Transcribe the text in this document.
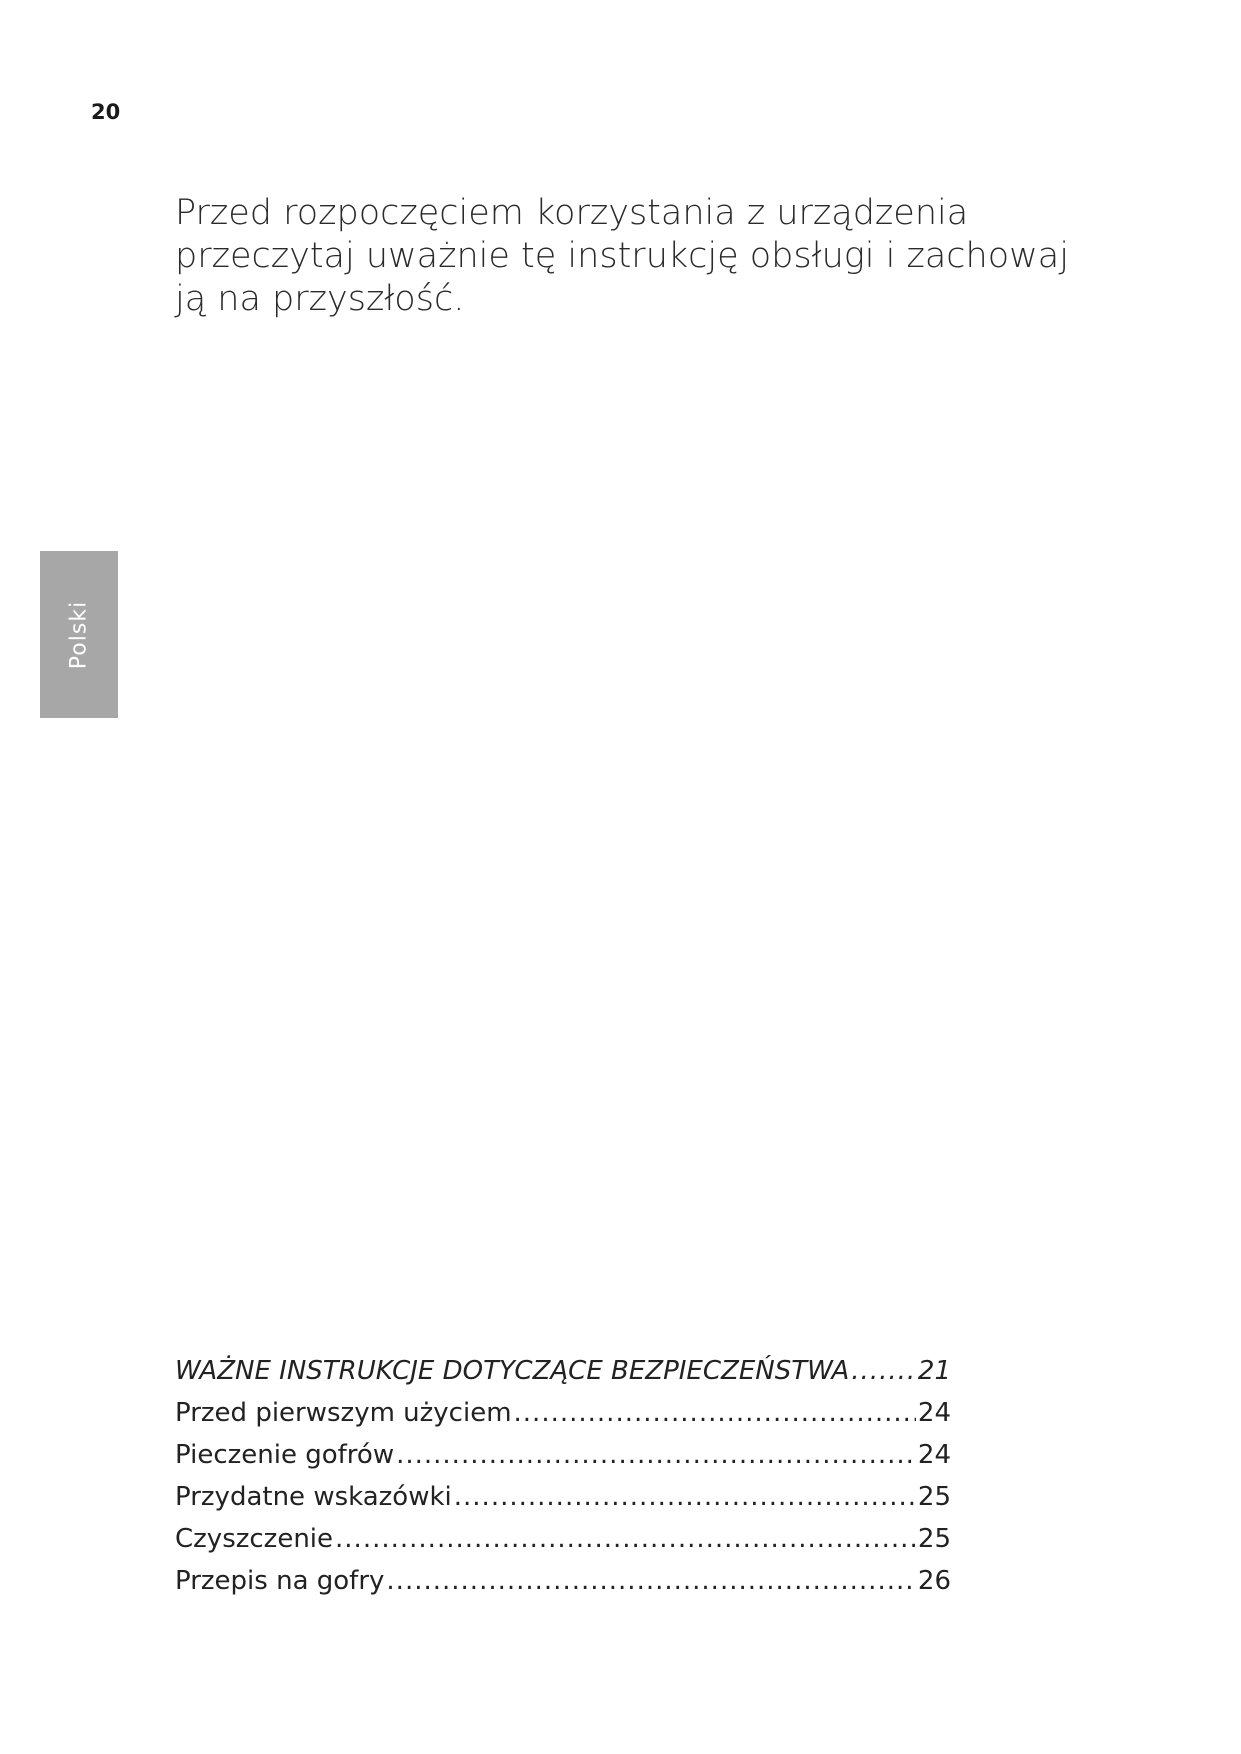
20

Przed rozpoczęciem korzystania z urządzenia przeczytaj uważnie tę instrukcję obsługi i zachowaj ją na przyszłość.

Polski
WAŻNE INSTRUKCJE DOTYCZĄCE BEZPIECZEŃSTWA .....	21
Przed pierwszym użyciem .....	24
Pieczenie gofrów .....	24
Przydatne wskazówki .....	25
Czyszczenie .....	25
Przepis na gofry .....	26
